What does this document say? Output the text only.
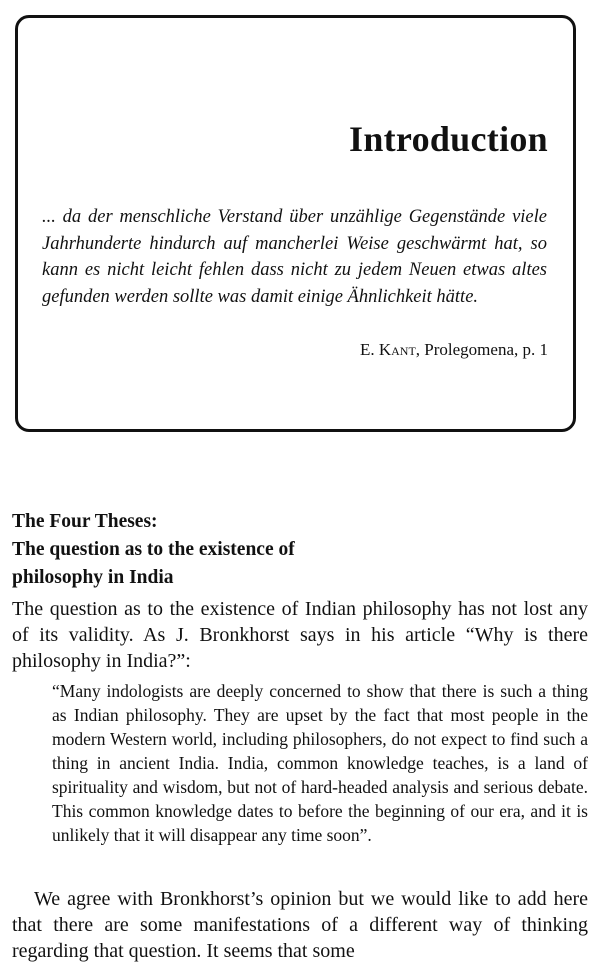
Introduction

... da der menschliche Verstand über unzählige Gegenstände viele Jahrhunderte hindurch auf mancherlei Weise geschwärmt hat, so kann es nicht leicht fehlen dass nicht zu jedem Neuen etwas altes gefunden werden sollte was damit einige Ähnlichkeit hätte.

E. Kant, Prolegomena, p. 1

The Four Theses:
The question as to the existence of
philosophy in India

The question as to the existence of Indian philosophy has not lost any of its validity. As J. Bronkhorst says in his article “Why is there philosophy in India?”:

“Many indologists are deeply concerned to show that there is such a thing as Indian philosophy. They are upset by the fact that most people in the modern Western world, including philosophers, do not expect to find such a thing in ancient India. India, common knowledge teaches, is a land of spirituality and wisdom, but not of hard-headed analysis and serious debate. This common knowledge dates to before the beginning of our era, and it is unlikely that it will disappear any time soon”.

We agree with Bronkhorst’s opinion but we would like to add here that there are some manifestations of a different way of thinking regarding that question. It seems that some
